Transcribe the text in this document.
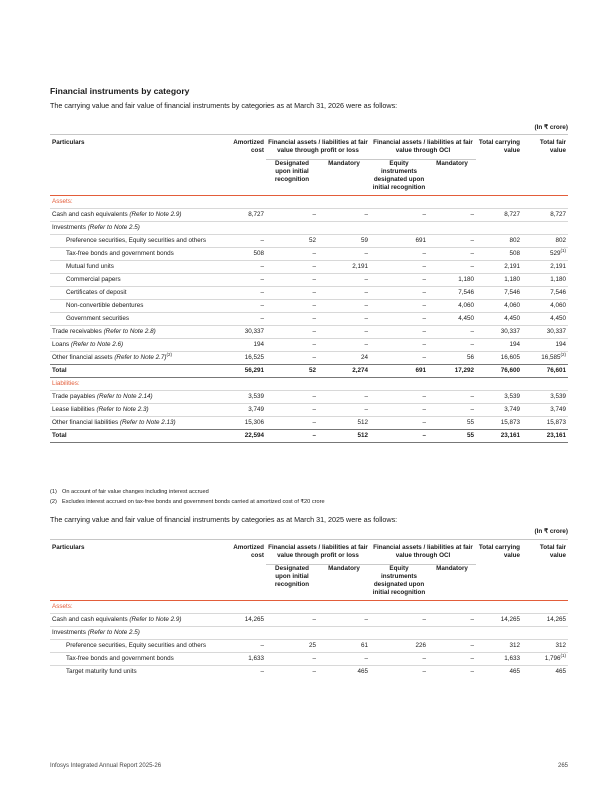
Financial instruments by category
The carrying value and fair value of financial instruments by categories as at March 31, 2026 were as follows:
(In ₹ crore)
Particulars	Amortized cost	Financial assets / liabilities at fair value through profit or loss		Financial assets / liabilities at fair value through OCI		Total carrying value	Total fair value
		Designated upon initial recognition	Mandatory	Equity instruments designated upon initial recognition	Mandatory		
Assets:							
Cash and cash equivalents (Refer to Note 2.9)	8,727	–	–	–	–	8,727	8,727
Investments (Refer to Note 2.5)							
Preference securities, Equity securities and others	–	52	59	691	–	802	802
Tax-free bonds and government bonds	508	–	–	–	–	508	529$^{(1)}$
Mutual fund units	–	–	2,191	–	–	2,191	2,191
Commercial papers	–	–	–	–	1,180	1,180	1,180
Certificates of deposit	–	–	–	–	7,546	7,546	7,546
Non-convertible debentures	–	–	–	–	4,060	4,060	4,060
Government securities	–	–	–	–	4,450	4,450	4,450
Trade receivables (Refer to Note 2.8)	30,337	–	–	–	–	30,337	30,337
Loans (Refer to Note 2.6)	194	–	–	–	–	194	194
Other financial assets (Refer to Note 2.7)$^{(2)}$	16,525	–	24	–	56	16,605	16,585$^{(2)}$
Total	56,291	52	2,274	691	17,292	76,600	76,601
Liabilities:							
Trade payables (Refer to Note 2.14)	3,539	–	–	–	–	3,539	3,539
Lease liabilities (Refer to Note 2.3)	3,749	–	–	–	–	3,749	3,749
Other financial liabilities (Refer to Note 2.13)	15,306	–	512	–	55	15,873	15,873
Total	22,594	–	512	–	55	23,161	23,161
(1) On account of fair value changes including interest accrued
(2) Excludes interest accrued on tax-free bonds and government bonds carried at amortized cost of ₹20 crore
The carrying value and fair value of financial instruments by categories as at March 31, 2025 were as follows:
(In ₹ crore)
Particulars	Amortized cost	Financial assets / liabilities at fair value through profit or loss		Financial assets / liabilities at fair value through OCI		Total carrying value	Total fair value
		Designated upon initial recognition	Mandatory	Equity instruments designated upon initial recognition	Mandatory		
Assets:							
Cash and cash equivalents (Refer to Note 2.9)	14,265	–	–	–	–	14,265	14,265
Investments (Refer to Note 2.5)							
Preference securities, Equity securities and others	–	25	61	226	–	312	312
Tax-free bonds and government bonds	1,633	–	–	–	–	1,633	1,796$^{(1)}$
Target maturity fund units	–	–	465	–	–	465	465
Infosys Integrated Annual Report 2025-26	265
